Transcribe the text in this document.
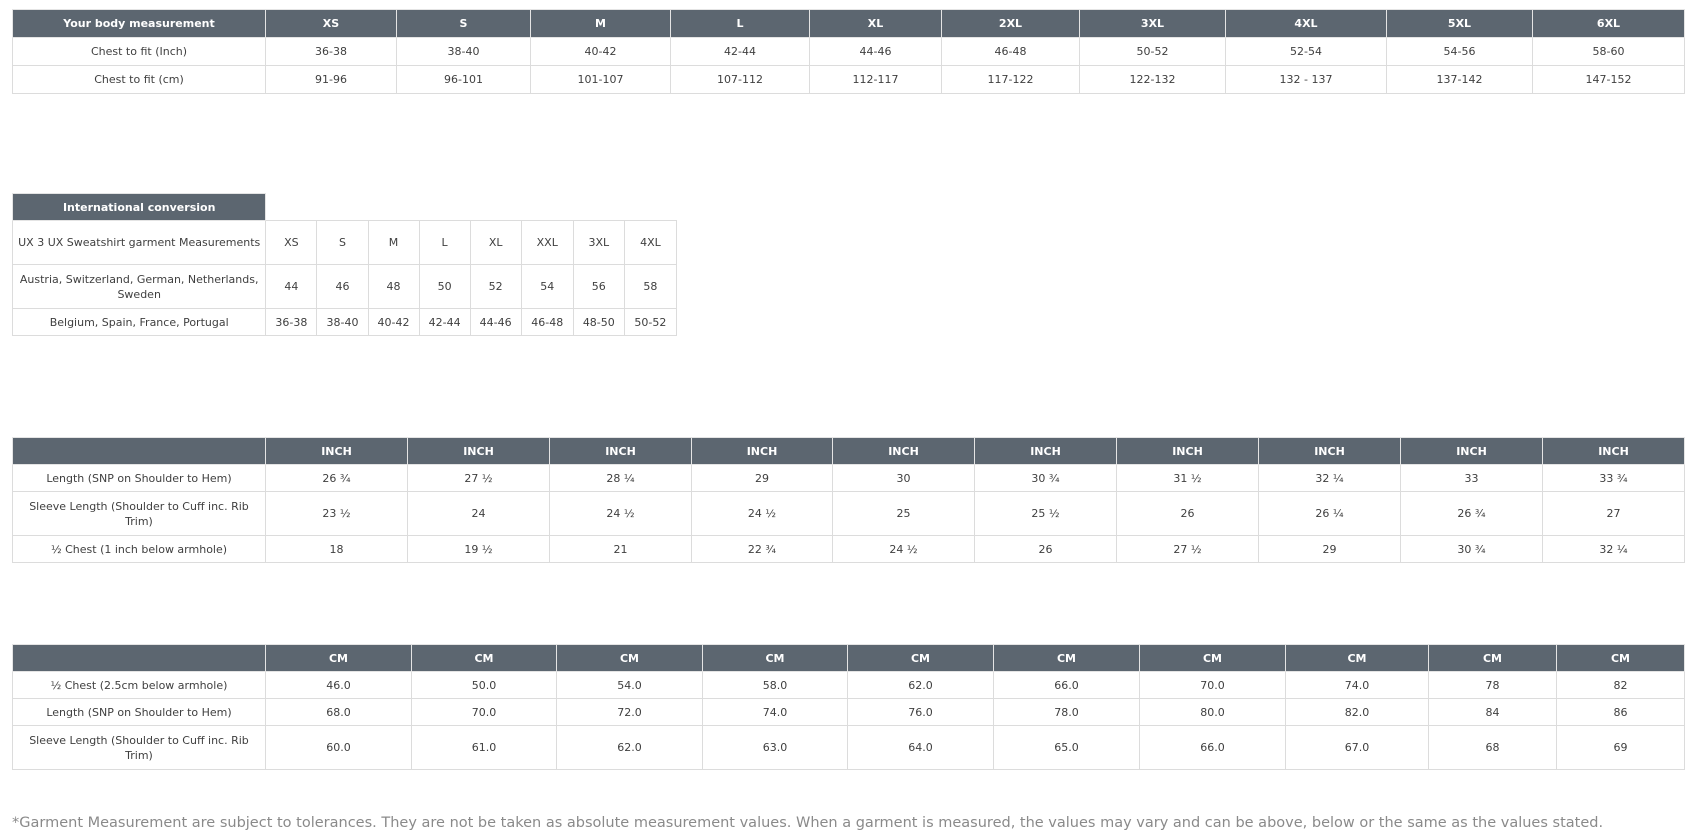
Your body measurement	XS	S	M	L	XL	2XL	3XL	4XL	5XL	6XL
Chest to fit (Inch)	36-38	38-40	40-42	42-44	44-46	46-48	50-52	52-54	54-56	58-60
Chest to fit (cm)	91-96	96-101	101-107	107-112	112-117	117-122	122-132	132 - 137	137-142	147-152
International conversion								
UX 3 UX Sweatshirt garment Measurements	XS	S	M	L	XL	XXL	3XL	4XL
Austria, Switzerland, German, Netherlands, Sweden	44	46	48	50	52	54	56	58
Belgium, Spain, France, Portugal	36-38	38-40	40-42	42-44	44-46	46-48	48-50	50-52
	INCH	INCH	INCH	INCH	INCH	INCH	INCH	INCH	INCH	INCH
Length (SNP on Shoulder to Hem)	26 ¾	27 ½	28 ¼	29	30	30 ¾	31 ½	32 ¼	33	33 ¾
Sleeve Length (Shoulder to Cuff inc. Rib Trim)	23 ½	24	24 ½	24 ½	25	25 ½	26	26 ¼	26 ¾	27
½ Chest (1 inch below armhole)	18	19 ½	21	22 ¾	24 ½	26	27 ½	29	30 ¾	32 ¼
	CM	CM	CM	CM	CM	CM	CM	CM	CM	CM
½ Chest (2.5cm below armhole)	46.0	50.0	54.0	58.0	62.0	66.0	70.0	74.0	78	82
Length (SNP on Shoulder to Hem)	68.0	70.0	72.0	74.0	76.0	78.0	80.0	82.0	84	86
Sleeve Length (Shoulder to Cuff inc. Rib Trim)	60.0	61.0	62.0	63.0	64.0	65.0	66.0	67.0	68	69
*Garment Measurement are subject to tolerances. They are not be taken as absolute measurement values. When a garment is measured, the values may vary and can be above, below or the same as the values stated.
